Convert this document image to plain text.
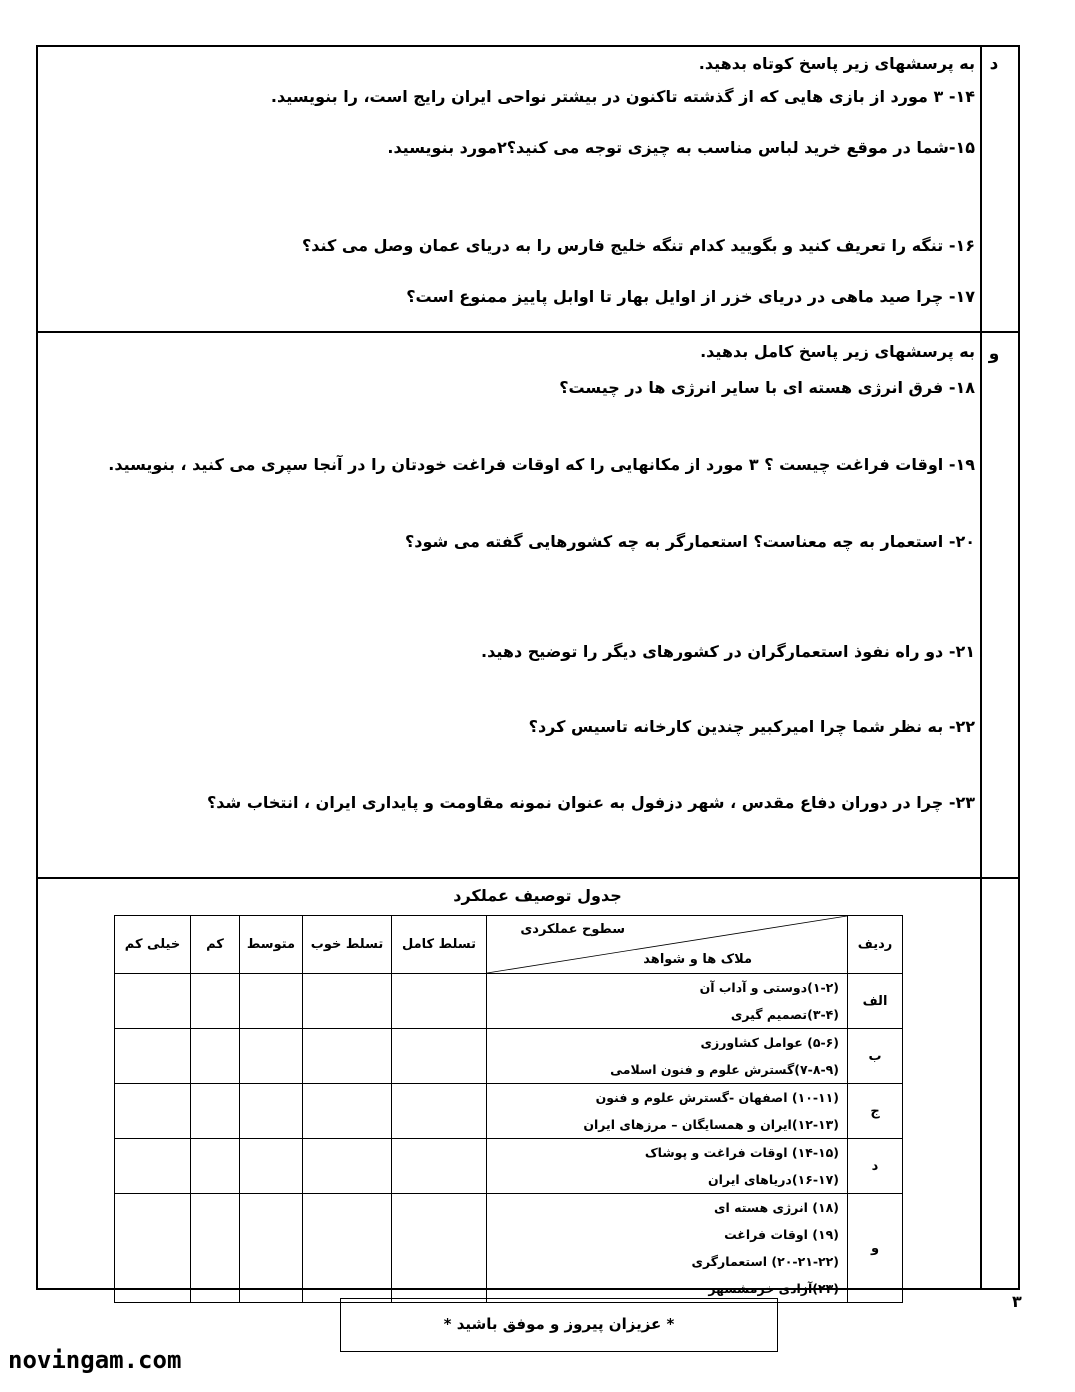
د
به پرسشهای زیر پاسخ کوتاه بدهید.
۱۴- ۳ مورد از بازی هایی که از گذشته تاکنون در بیشتر نواحی ایران رایج است، را بنویسید.
۱۵-شما در موقع خرید لباس مناسب به چیزی توجه می کنید؟۲مورد بنویسید.
۱۶- تنگه را تعریف کنید و بگویید کدام تنگه خلیج فارس را به دریای عمان وصل می کند؟
۱۷- چرا صید ماهی در دریای خزر از اوایل بهار تا اوابل پاییز ممنوع است؟
و
به پرسشهای زیر پاسخ کامل بدهید.
۱۸- فرق انرژی هسته ای با سایر انرژی ها در چیست؟
۱۹- اوقات فراغت چیست ؟ ۳ مورد از مکانهایی را که اوقات فراغت خودتان را در آنجا سپری می کنید ، بنویسید.
۲۰- استعمار به چه معناست؟ استعمارگر به چه کشورهایی گفته می شود؟
۲۱- دو راه نفوذ استعمارگران در کشورهای دیگر را توضیح دهید.
۲۲- به نظر شما چرا امیرکبیر چندین کارخانه تاسیس کرد؟
۲۳- چرا در دوران دفاع مقدس ، شهر دزفول به عنوان نمونه مقاومت و پایداری ایران ، انتخاب شد؟
جدول توصیف عملکرد
ردیف	سطوح عملکردی
ملاک ها و شواهد	تسلط کامل	تسلط خوب	متوسط	کم	خیلی کم
الف	(۱-۲)دوستی و آداب آن
(۳-۴)تصمیم گیری					

ب	(۵-۶) عوامل کشاورزی
(۷-۸-۹)گسترش علوم و فنون اسلامی					

ج	(۱۰-۱۱) اصفهان -گسترش علوم و فنون
(۱۲-۱۳)ایران و همسایگان – مرزهای ایران					

د	(۱۴-۱۵) اوقات فراغت و پوشاک
(۱۶-۱۷)دریاهای ایران					

و	(۱۸) انرژی هسته ای
(۱۹) اوقات فراغت
(۲۰-۲۱-۲۲) استعمارگری
(۲۳)آزادی خرمشسهر					

۳
* عزیزان پیروز و موفق باشید *
novingam.com
